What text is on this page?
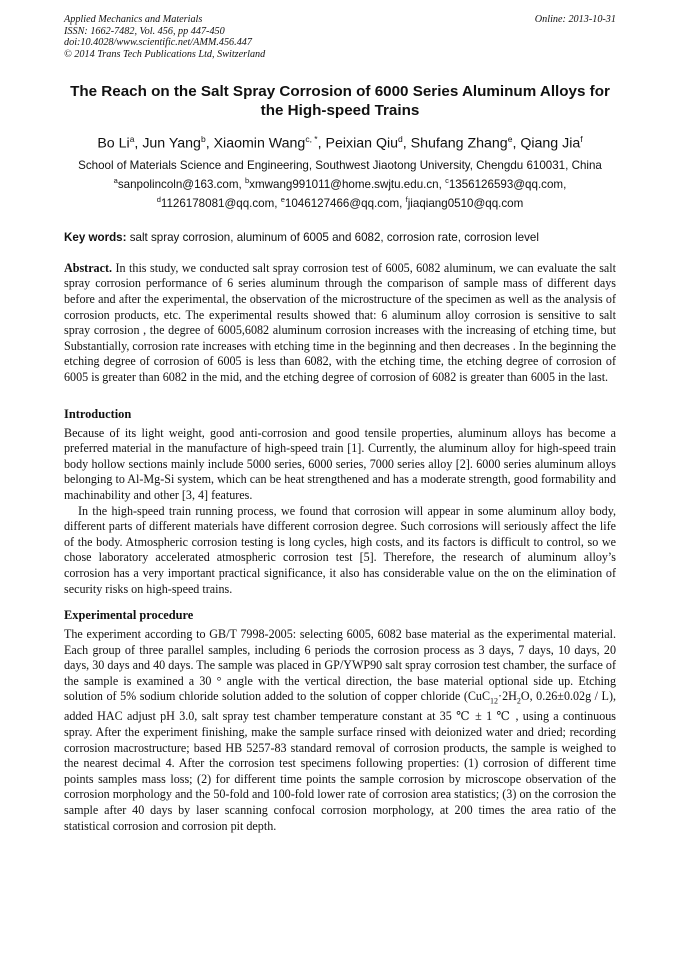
Applied Mechanics and Materials
ISSN: 1662-7482, Vol. 456, pp 447-450
doi:10.4028/www.scientific.net/AMM.456.447
© 2014 Trans Tech Publications Ltd, Switzerland
Online: 2013-10-31
The Reach on the Salt Spray Corrosion of 6000 Series Aluminum Alloys for the High-speed Trains
Bo Li$^a$, Jun Yang$^b$, Xiaomin Wang$^{c, *}$, Peixian Qiu$^d$, Shufang Zhang$^e$, Qiang Jia$^f$
School of Materials Science and Engineering, Southwest Jiaotong University, Chengdu 610031, China
$^a$sanpolincoln@163.com, $^b$xmwang991011@home.swjtu.edu.cn, $^c$1356126593@qq.com,
$^d$1126178081@qq.com, $^e$1046127466@qq.com, $^f$jiaqiang0510@qq.com
Key words: salt spray corrosion, aluminum of 6005 and 6082, corrosion rate, corrosion level

Abstract. In this study, we conducted salt spray corrosion test of 6005, 6082 aluminum, we can evaluate the salt spray corrosion performance of 6 series aluminum through the comparison of sample mass of different days before and after the experimental, the observation of the microstructure of the specimen as well as the analysis of corrosion products, etc. The experimental results showed that: 6 aluminum alloy corrosion is sensitive to salt spray corrosion , the degree of 6005,6082 aluminum corrosion increases with the increasing of etching time, but Substantially, corrosion rate increases with etching time in the beginning and then decreases . In the beginning the etching degree of corrosion of 6005 is less than 6082, with the etching time, the etching degree of corrosion of 6005 is greater than 6082 in the mid, and the etching degree of corrosion of 6082 is greater than 6005 in the last.

Introduction

Because of its light weight, good anti-corrosion and good tensile properties, aluminum alloys has become a preferred material in the manufacture of high-speed train [1]. Currently, the aluminum alloy for high-speed train body hollow sections mainly include 5000 series, 6000 series, 7000 series alloy [2]. 6000 series aluminum alloys belonging to Al-Mg-Si system, which can be heat strengthened and has a moderate strength, good formability and machinability and other [3, 4] features.

In the high-speed train running process, we found that corrosion will appear in some aluminum alloy body, different parts of different materials have different corrosion degree. Such corrosions will seriously affect the life of the body. Atmospheric corrosion testing is long cycles, high costs, and its factors is difficult to control, so we chose laboratory accelerated atmospheric corrosion test [5]. Therefore, the research of aluminum alloy’s corrosion has a very important practical significance, it also has considerable value on the on the elimination of security risks on high-speed trains.

Experimental procedure

The experiment according to GB/T 7998-2005: selecting 6005, 6082 base material as the experimental material. Each group of three parallel samples, including 6 periods the corrosion process as 3 days, 7 days, 10 days, 20 days, 30 days and 40 days. The sample was placed in GP/YWP90 salt spray corrosion test chamber, the surface of the sample is examined a 30 ° angle with the vertical direction, the base material optional side up. Etching solution of 5% sodium chloride solution added to the solution of copper chloride ($CuC_{12}\cdot 2H_2O$, 0.26±0.02g / L), added HAC adjust pH 3.0, salt spray test chamber temperature constant at 35 ℃ ± 1 ℃ , using a continuous spray. After the experiment finishing, make the sample surface rinsed with deionized water and dried; recording corrosion macrostructure; based HB 5257-83 standard removal of corrosion products, the sample is weighed to the nearest decimal 4. After the corrosion test specimens following properties: (1) corrosion of different time points samples mass loss; (2) for different time points the sample corrosion by microscope observation of the corrosion morphology and the 50-fold and 100-fold lower rate of corrosion area statistics; (3) on the corrosion the sample after 40 days by laser scanning confocal corrosion morphology, at 200 times the area ratio of the statistical corrosion and corrosion pit depth.
